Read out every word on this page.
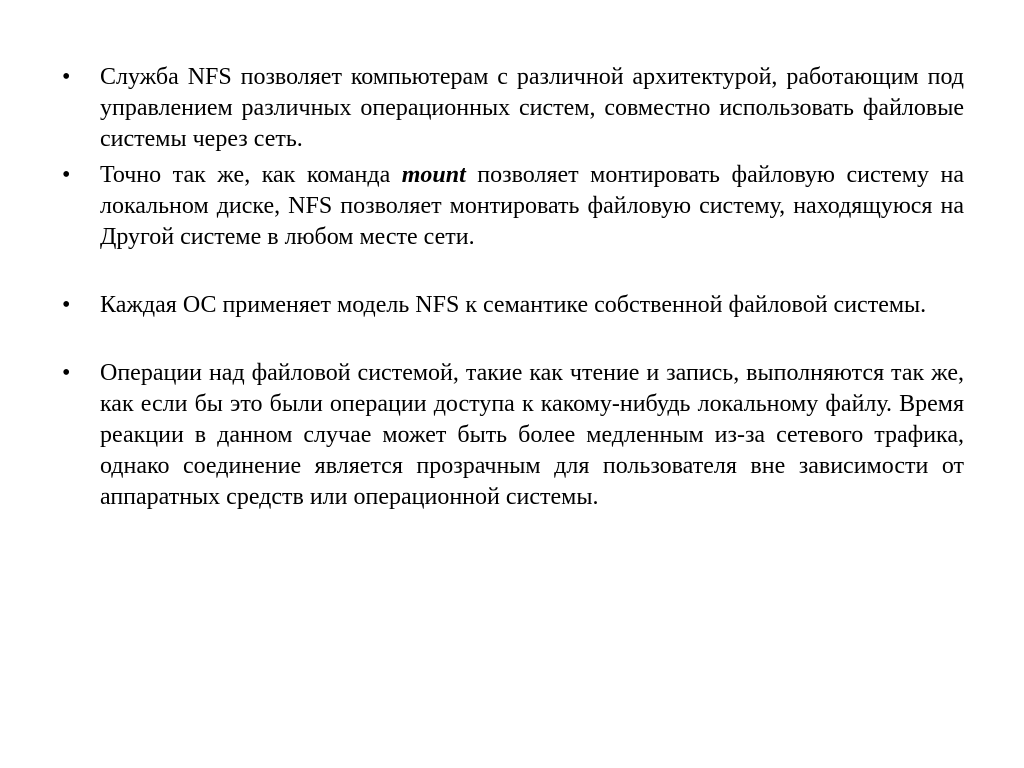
•	Служба NFS позволяет компьютерам с различной архитектурой, работающим под управлением различных операционных систем, совместно использовать файловые системы через сеть.
•	Точно так же, как команда mount позволяет монтировать файловую систему на локальном диске, NFS позволяет монтировать файловую систему, находящуюся на Другой системе в любом месте сети.
•	Каждая ОС применяет модель NFS к семантике собственной файловой системы.
•	Операции над файловой системой, такие как чтение и запись, выполняются так же, как если бы это были операции доступа к какому-нибудь локальному файлу. Время реакции в данном случае может быть более медленным из-за сетевого трафика, однако соединение является прозрачным для пользователя вне зависимости от аппаратных средств или операционной системы.
